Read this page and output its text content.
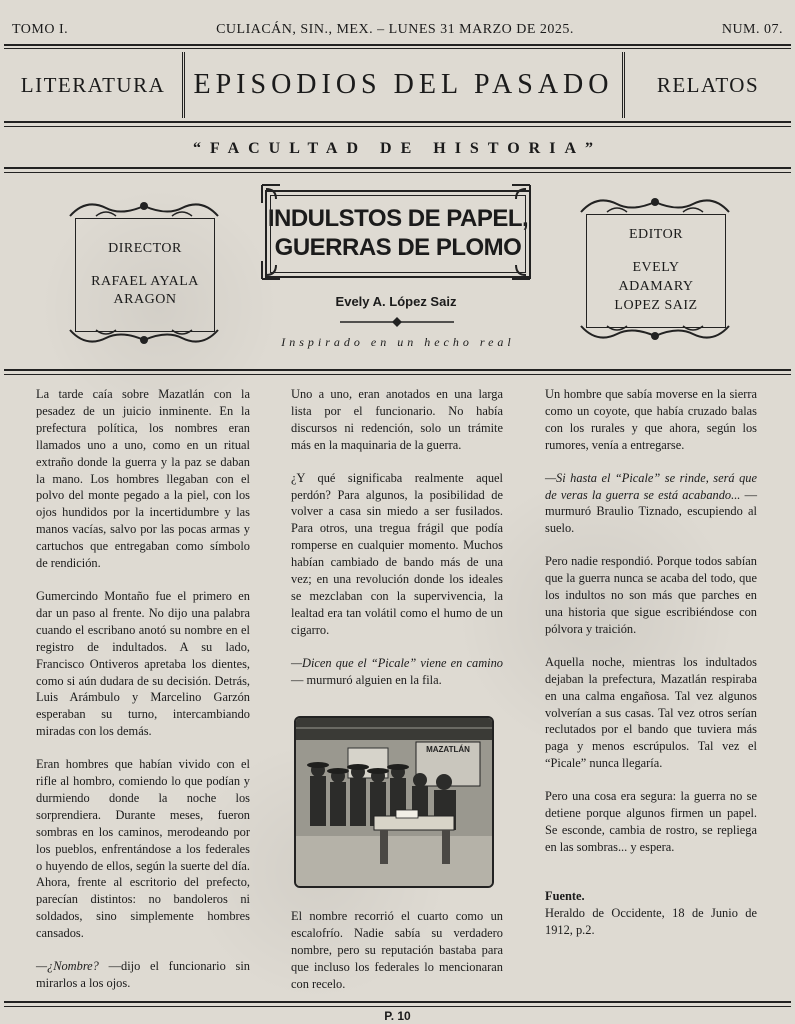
TOMO I.	CULIACÁN, SIN., MEX. – LUNES 31 MARZO DE 2025.	NUM. 07.
LITERATURA	EPISODIOS DEL PASADO	RELATOS
“FACULTAD DE HISTORIA”
DIRECTOR
RAFAEL AYALA ARAGON
EDITOR
EVELY ADAMARY LOPEZ SAIZ
INDULSTOS DE PAPEL,
GUERRAS DE PLOMO
Evely A. López Saiz
Inspirado en un hecho real

La tarde caía sobre Mazatlán con la pesadez de un juicio inminente. En la prefectura política, los nombres eran llamados uno a uno, como en un ritual extraño donde la guerra y la paz se daban la mano. Los hombres llegaban con el polvo del monte pegado a la piel, con los ojos hundidos por la incertidumbre y las manos vacías, salvo por las pocas armas y cartuchos que entregaban como símbolo de rendición.

Gumercindo Montaño fue el primero en dar un paso al frente. No dijo una palabra cuando el escribano anotó su nombre en el registro de indultados. A su lado, Francisco Ontiveros apretaba los dientes, como si aún dudara de su decisión. Detrás, Luis Arámbulo y Marcelino Garzón esperaban su turno, intercambiando miradas con los demás.

Eran hombres que habían vivido con el rifle al hombro, comiendo lo que podían y durmiendo donde la noche los sorprendiera. Durante meses, fueron sombras en los caminos, merodeando por los pueblos, enfrentándose a los federales o huyendo de ellos, según la suerte del día. Ahora, frente al escritorio del prefecto, parecían distintos: no bandoleros ni soldados, sino simplemente hombres cansados.

—¿Nombre? —dijo el funcionario sin mirarlos a los ojos.

Uno a uno, eran anotados en una larga lista por el funcionario. No había discursos ni redención, solo un trámite más en la maquinaria de la guerra.

¿Y qué significaba realmente aquel perdón? Para algunos, la posibilidad de volver a casa sin miedo a ser fusilados. Para otros, una tregua frágil que podía romperse en cualquier momento. Muchos habían cambiado de bando más de una vez; en una revolución donde los ideales se mezclaban con la supervivencia, la lealtad era tan volátil como el humo de un cigarro.

—Dicen que el “Picale” viene en camino— murmuró alguien en la fila.

El nombre recorrió el cuarto como un escalofrío. Nadie sabía su verdadero nombre, pero su reputación bastaba para que incluso los federales lo mencionaran con recelo.

MAZATLÁN

Un hombre que sabía moverse en la sierra como un coyote, que había cruzado balas con los rurales y que ahora, según los rumores, venía a entregarse.

—Si hasta el “Picale” se rinde, será que de veras la guerra se está acabando... — murmuró Braulio Tiznado, escupiendo al suelo.

Pero nadie respondió. Porque todos sabían que la guerra nunca se acaba del todo, que los indultos no son más que parches en una historia que sigue escribiéndose con pólvora y traición.

Aquella noche, mientras los indultados dejaban la prefectura, Mazatlán respiraba en una calma engañosa. Tal vez algunos volverían a sus casas. Tal vez otros serían reclutados por el bando que tuviera más paga y menos escrúpulos. Tal vez el “Picale” nunca llegaría.

Pero una cosa era segura: la guerra no se detiene porque algunos firmen un papel. Se esconde, cambia de rostro, se repliega en las sombras... y espera.

Fuente.
Heraldo de Occidente, 18 de Junio de 1912, p.2.
P. 10
